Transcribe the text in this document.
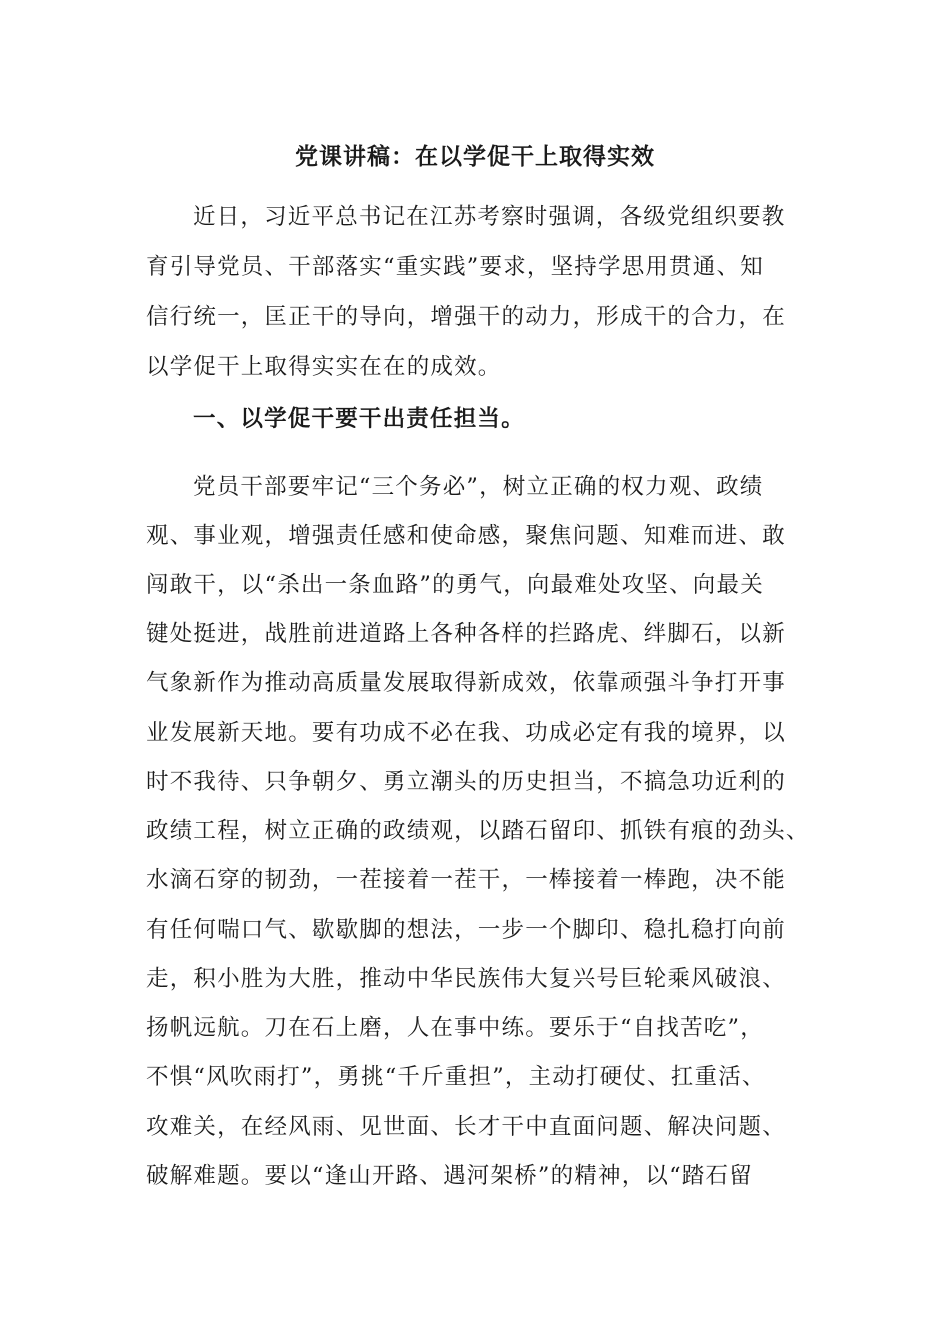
党课讲稿：在以学促干上取得实效
近日，习近平总书记在江苏考察时强调，各级党组织要教
育引导党员、干部落实“重实践”要求，坚持学思用贯通、知
信行统一，匡正干的导向，增强干的动力，形成干的合力，在
以学促干上取得实实在在的成效。
一、以学促干要干出责任担当。
党员干部要牢记“三个务必”，树立正确的权力观、政绩
观、事业观，增强责任感和使命感，聚焦问题、知难而进、敢
闯敢干，以“杀出一条血路”的勇气，向最难处攻坚、向最关
键处挺进，战胜前进道路上各种各样的拦路虎、绊脚石，以新
气象新作为推动高质量发展取得新成效，依靠顽强斗争打开事
业发展新天地。要有功成不必在我、功成必定有我的境界，以
时不我待、只争朝夕、勇立潮头的历史担当，不搞急功近利的
政绩工程，树立正确的政绩观，以踏石留印、抓铁有痕的劲头、
水滴石穿的韧劲，一茬接着一茬干，一棒接着一棒跑，决不能
有任何喘口气、歇歇脚的想法，一步一个脚印、稳扎稳打向前
走，积小胜为大胜，推动中华民族伟大复兴号巨轮乘风破浪、
扬帆远航。刀在石上磨，人在事中练。要乐于“自找苦吃”，
不惧“风吹雨打”，勇挑“千斤重担”，主动打硬仗、扛重活、
攻难关，在经风雨、见世面、长才干中直面问题、解决问题、
破解难题。要以“逢山开路、遇河架桥”的精神，以“踏石留
